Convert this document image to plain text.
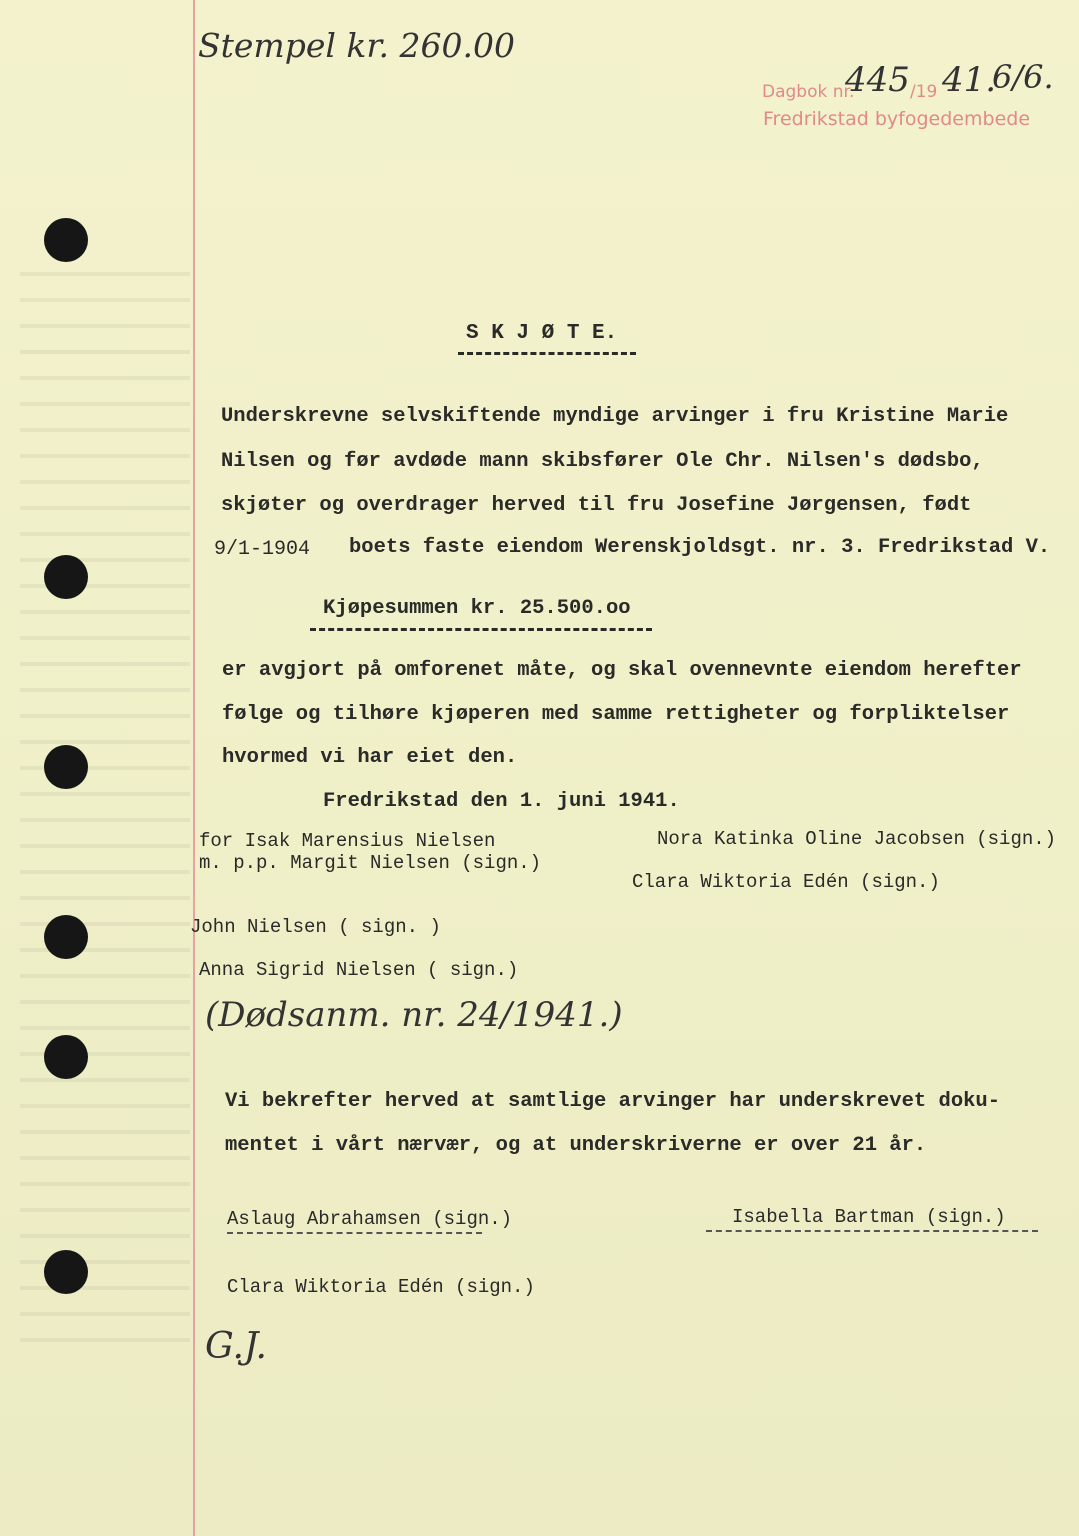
Stempel kr. 260.00
Dagbok nr.
445 /19 41.
6/6.
Fredrikstad byfogedembede
S K J Ø T E.
Underskrevne selvskiftende myndige arvinger i fru Kristine Marie
Nilsen og før avdøde mann skibsfører Ole Chr. Nilsen's dødsbo,
skjøter og overdrager herved til fru Josefine Jørgensen, født
9/1-1904 boets faste eiendom Werenskjoldsgt. nr. 3. Fredrikstad V.
Kjøpesummen kr. 25.500.oo
er avgjort på omforenet måte, og skal ovennevnte eiendom herefter
følge og tilhøre kjøperen med samme rettigheter og forpliktelser
hvormed vi har eiet den.
Fredrikstad den 1. juni 1941.
for Isak Marensius Nielsen
m. p.p. Margit Nielsen (sign.)
Nora Katinka Oline Jacobsen (sign.)
Clara Wiktoria Edén (sign.)
John Nielsen ( sign. )
Anna Sigrid Nielsen ( sign.)
(Dødsanm. nr. 24/1941.)
Vi bekrefter herved at samtlige arvinger har underskrevet doku-
mentet i vårt nærvær, og at underskriverne er over 21 år.
Aslaug Abrahamsen (sign.)	Isabella Bartman (sign.)
Clara Wiktoria Edén (sign.)
G.J.
